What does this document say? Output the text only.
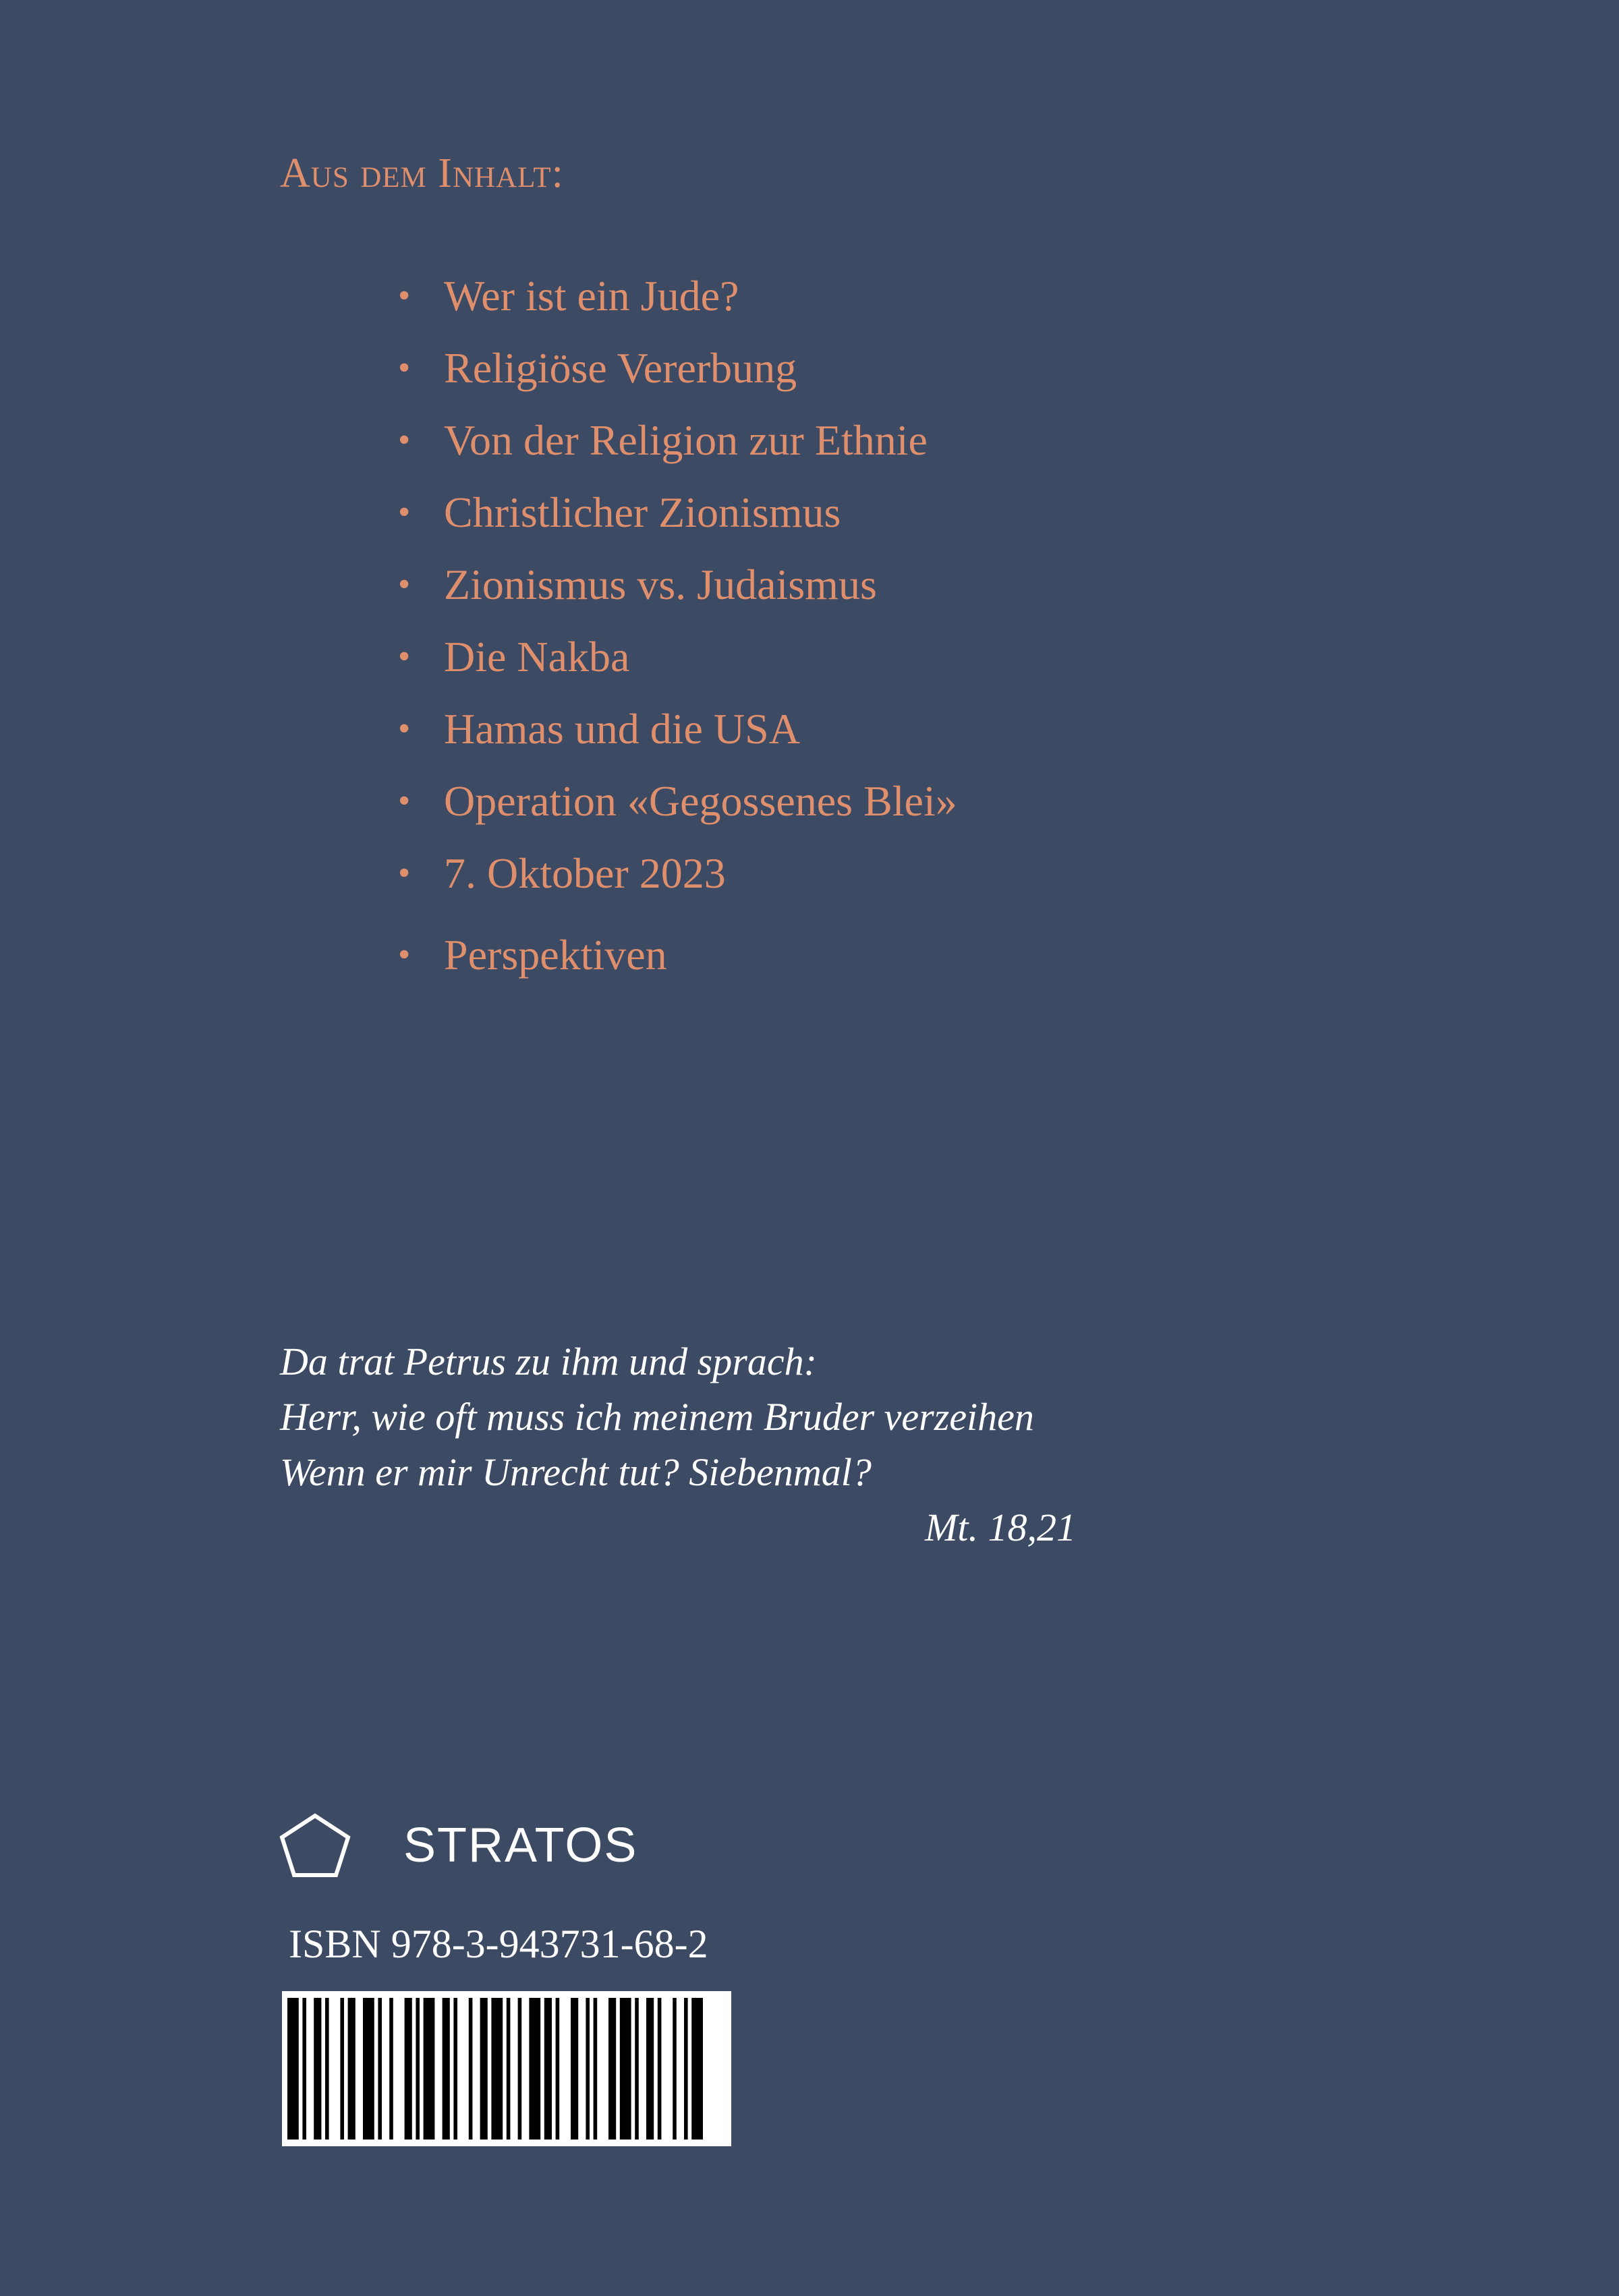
Aus dem Inhalt:
• Wer ist ein Jude?
• Religiöse Vererbung
• Von der Religion zur Ethnie
• Christlicher Zionismus
• Zionismus vs. Judaismus
• Die Nakba
• Hamas und die USA
• Operation «Gegossenes Blei»
• 7. Oktober 2023
• Perspektiven
Da trat Petrus zu ihm und sprach:
Herr, wie oft muss ich meinem Bruder verzeihen
Wenn er mir Unrecht tut? Siebenmal?
Mt. 18,21
STRATOS
ISBN 978-3-943731-68-2
